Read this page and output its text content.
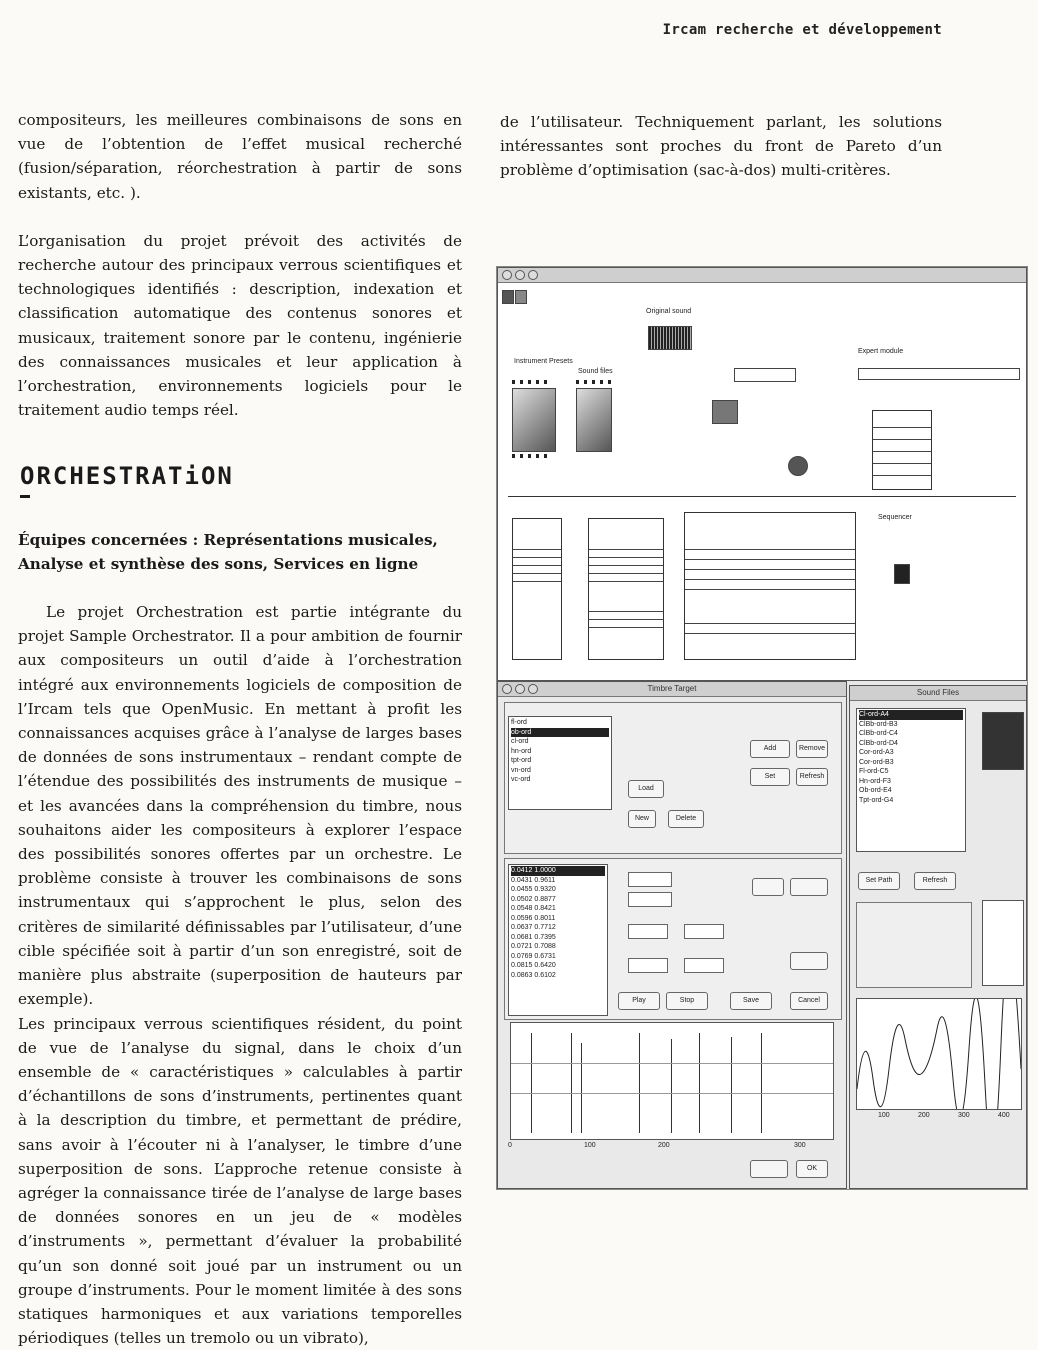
Ircam recherche et développement

compositeurs, les meilleures combinaisons de sons en vue de l’obtention de l’effet musical recherché (fusion/séparation, réorchestration à partir de sons existants, etc. ).

L’organisation du projet prévoit des activités de recherche autour des principaux verrous scientifiques et technologiques identifiés : description, indexation et classification automatique des contenus sonores et musicaux, traitement sonore par le contenu, ingénierie des connaissances musicales et leur application à l’orchestration, environnements logiciels pour le traitement audio temps réel.

ORCHESTRATiON

Équipes concernées : Représentations musicales, Analyse et synthèse des sons, Services en ligne

Le projet Orchestration est partie intégrante du projet Sample Orchestrator. Il a pour ambition de fournir aux compositeurs un outil d’aide à l’orchestration intégré aux environnements logiciels de composition de l’Ircam tels que OpenMusic. En mettant à profit les connaissances acquises grâce à l’analyse de larges bases de données de sons instrumentaux – rendant compte de l’étendue des possibilités des instruments de musique – et les avancées dans la compréhension du timbre, nous souhaitons aider les compositeurs à explorer l’espace des possibilités sonores offertes par un orchestre. Le problème consiste à trouver les combinaisons de sons instrumentaux qui s’approchent le plus, selon des critères de similarité définissables par l’utilisateur, d’une cible spécifiée soit à partir d’un son enregistré, soit de manière plus abstraite (superposition de hauteurs par exemple).

Les principaux verrous scientifiques résident, du point de vue de l’analyse du signal, dans le choix d’un ensemble de « caractéristiques » calculables à partir d’échantillons de sons d’instruments, pertinentes quant à la description du timbre, et permettant de prédire, sans avoir à l’écouter ni à l’analyser, le timbre d’une superposition de sons. L’approche retenue consiste à agréger la connaissance tirée de l’analyse de large bases de données sonores en un jeu de « modèles d’instruments », permettant d’évaluer la probabilité qu’un son donné soit joué par un instrument ou un groupe d’instruments. Pour le moment limitée à des sons statiques harmoniques et aux variations temporelles périodiques (telles un tremolo ou un vibrato),

de l’utilisateur. Techniquement parlant, les solutions intéressantes sont proches du front de Pareto d’un problème d’optimisation (sac-à-dos) multi-critères.

Original sound
Instrument Presets
Sound files
Expert module
Sequencer
Timbre Target
fl-ord
ob-ord
cl-ord
hn-ord
tpt-ord
vn-ord
vc-ord
Load
New	Delete
Add	Remove
Set	Refresh
0.0412 1.0000
0.0431 0.9611
0.0455 0.9320
0.0502 0.8877
0.0548 0.8421
0.0596 0.8011
0.0637 0.7712
0.0681 0.7395
0.0721 0.7088
0.0769 0.6731
0.0815 0.6420
0.0863 0.6102
Play	Stop	Save	Cancel
0	100	200	300
OK
Sound Files
Cl-ord-A4
ClBb-ord-B3
ClBb-ord-C4
ClBb-ord-D4
Cor-ord-A3
Cor-ord-B3
Fl-ord-C5
Hn-ord-F3
Ob-ord-E4
Tpt-ord-G4
Set Path	Refresh
100	200	300	400
